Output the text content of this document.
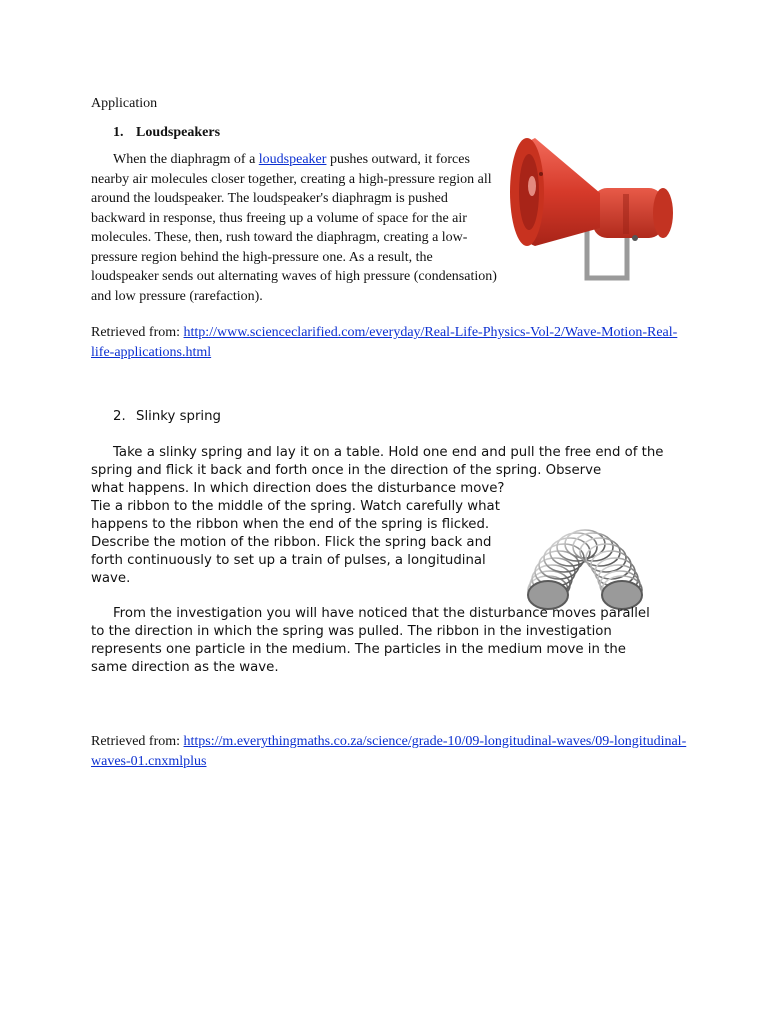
Application
1. Loudspeakers
When the diaphragm of a loudspeaker pushes outward, it forces nearby air molecules closer together, creating a high-pressure region all around the loudspeaker. The loudspeaker's diaphragm is pushed backward in response, thus freeing up a volume of space for the air molecules. These, then, rush toward the diaphragm, creating a low-pressure region behind the high-pressure one. As a result, the loudspeaker sends out alternating waves of high pressure (condensation) and low pressure (rarefaction).
Retrieved from: http://www.scienceclarified.com/everyday/Real-Life-Physics-Vol-2/Wave-Motion-Real-life-applications.html
2. Slinky spring
Take a slinky spring and lay it on a table. Hold one end and pull the free end of the spring and flick it back and forth once in the direction of the spring. Observe
what happens. In which direction does the disturbance move? Tie a ribbon to the middle of the spring. Watch carefully what happens to the ribbon when the end of the spring is flicked. Describe the motion of the ribbon. Flick the spring back and forth continuously to set up a train of pulses, a longitudinal wave.
From the investigation you will have noticed that the disturbance moves parallel to the direction in which the spring was pulled. The ribbon in the investigation represents one particle in the medium. The particles in the medium move in the same direction as the wave.
Retrieved from: https://m.everythingmaths.co.za/science/grade-10/09-longitudinal-waves/09-longitudinal-waves-01.cnxmlplus
